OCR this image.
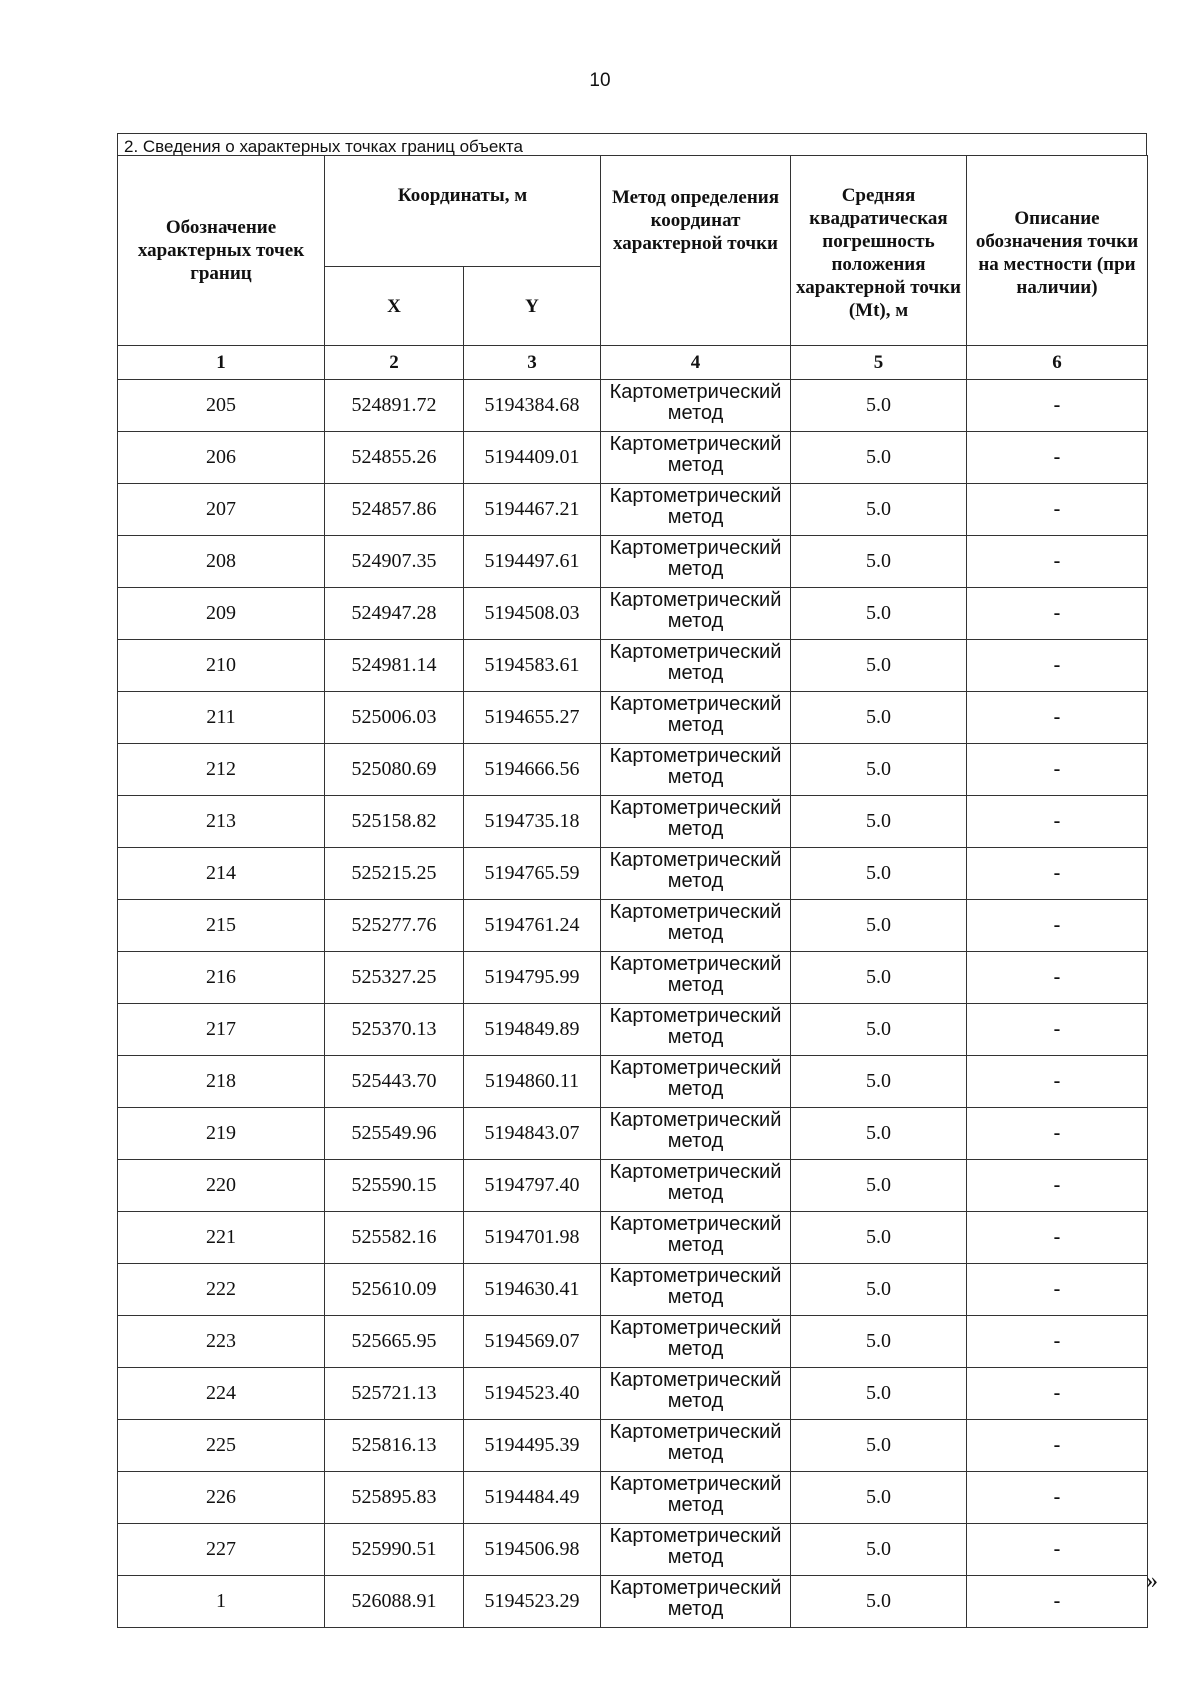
10
2. Сведения о характерных точках границ объекта
Обозначение характерных точек границ	Координаты, м		Метод определения координат характерной точки	Средняя квадратическая погрешность положения характерной точки (Mt), м	Описание обозначения точки на местности (при наличии)
	X	Y			
1	2	3	4	5	6
205	524891.72	5194384.68	Картометрический метод	5.0	-
206	524855.26	5194409.01	Картометрический метод	5.0	-
207	524857.86	5194467.21	Картометрический метод	5.0	-
208	524907.35	5194497.61	Картометрический метод	5.0	-
209	524947.28	5194508.03	Картометрический метод	5.0	-
210	524981.14	5194583.61	Картометрический метод	5.0	-
211	525006.03	5194655.27	Картометрический метод	5.0	-
212	525080.69	5194666.56	Картометрический метод	5.0	-
213	525158.82	5194735.18	Картометрический метод	5.0	-
214	525215.25	5194765.59	Картометрический метод	5.0	-
215	525277.76	5194761.24	Картометрический метод	5.0	-
216	525327.25	5194795.99	Картометрический метод	5.0	-
217	525370.13	5194849.89	Картометрический метод	5.0	-
218	525443.70	5194860.11	Картометрический метод	5.0	-
219	525549.96	5194843.07	Картометрический метод	5.0	-
220	525590.15	5194797.40	Картометрический метод	5.0	-
221	525582.16	5194701.98	Картометрический метод	5.0	-
222	525610.09	5194630.41	Картометрический метод	5.0	-
223	525665.95	5194569.07	Картометрический метод	5.0	-
224	525721.13	5194523.40	Картометрический метод	5.0	-
225	525816.13	5194495.39	Картометрический метод	5.0	-
226	525895.83	5194484.49	Картометрический метод	5.0	-
227	525990.51	5194506.98	Картометрический метод	5.0	-
1	526088.91	5194523.29	Картометрический метод	5.0	-
»
